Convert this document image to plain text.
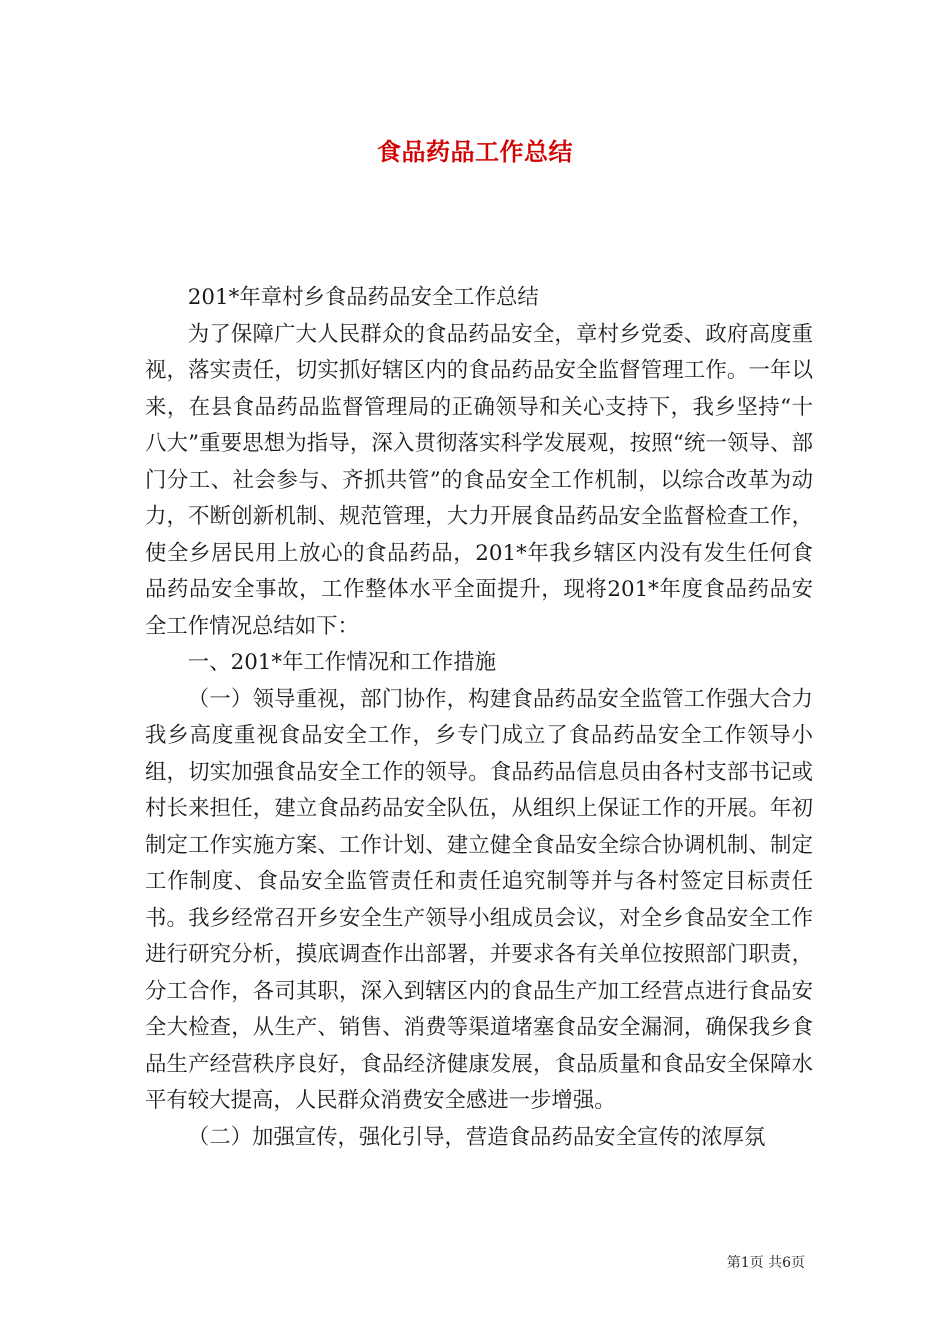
食品药品工作总结

201*年章村乡食品药品安全工作总结

为了保障广大人民群众的食品药品安全，章村乡党委、政府高度重视，落实责任，切实抓好辖区内的食品药品安全监督管理工作。一年以来，在县食品药品监督管理局的正确领导和关心支持下，我乡坚持“十八大”重要思想为指导，深入贯彻落实科学发展观，按照“统一领导、部门分工、社会参与、齐抓共管”的食品安全工作机制，以综合改革为动力，不断创新机制、规范管理，大力开展食品药品安全监督检查工作，使全乡居民用上放心的食品药品，201*年我乡辖区内没有发生任何食品药品安全事故，工作整体水平全面提升，现将201*年度食品药品安全工作情况总结如下：

一、201*年工作情况和工作措施

（一）领导重视，部门协作，构建食品药品安全监管工作强大合力我乡高度重视食品安全工作，乡专门成立了食品药品安全工作领导小组，切实加强食品安全工作的领导。食品药品信息员由各村支部书记或村长来担任，建立食品药品安全队伍，从组织上保证工作的开展。年初制定工作实施方案、工作计划、建立健全食品安全综合协调机制、制定工作制度、食品安全监管责任和责任追究制等并与各村签定目标责任书。我乡经常召开乡安全生产领导小组成员会议，对全乡食品安全工作进行研究分析，摸底调查作出部署，并要求各有关单位按照部门职责，分工合作，各司其职，深入到辖区内的食品生产加工经营点进行食品安全大检查，从生产、销售、消费等渠道堵塞食品安全漏洞，确保我乡食品生产经营秩序良好，食品经济健康发展，食品质量和食品安全保障水平有较大提高，人民群众消费安全感进一步增强。

（二）加强宣传，强化引导，营造食品药品安全宣传的浓厚氛

第1页 共6页
